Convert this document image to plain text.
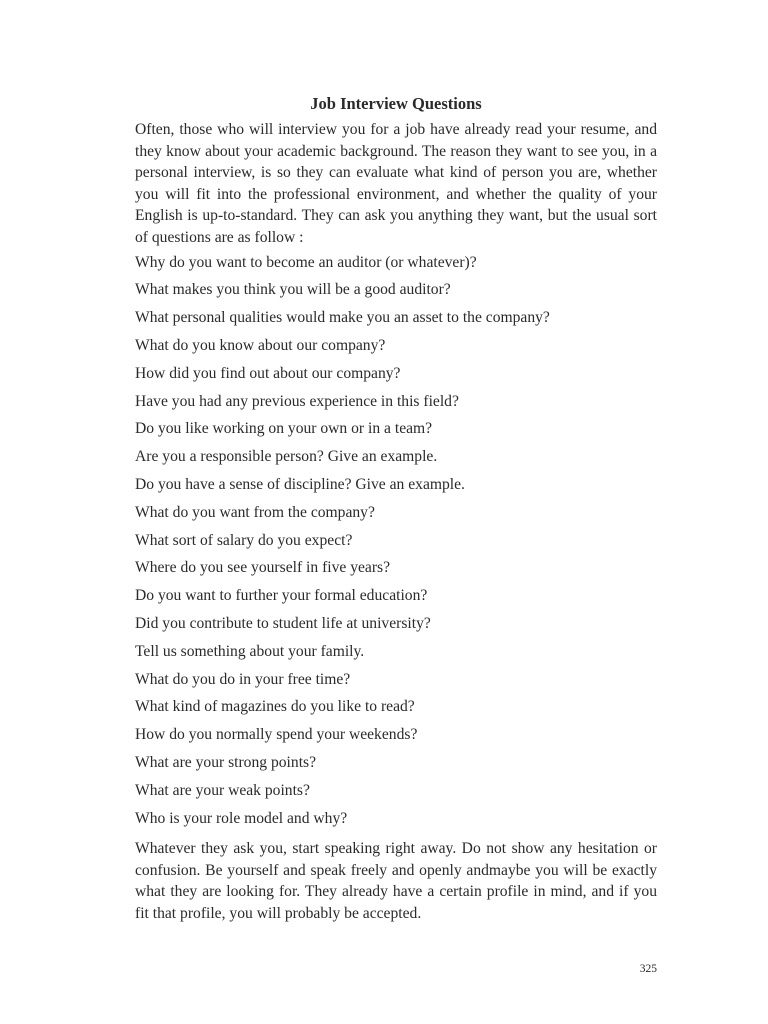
Job Interview Questions

Often, those who will interview you for a job have already read your resume, and they know about your academic background. The reason they want to see you, in a personal interview, is so they can evaluate what kind of person you are, whether you will fit into the professional environment, and whether the quality of your English is up-to-standard. They can ask you anything they want, but the usual sort of questions are as follow :

Why do you want to become an auditor (or whatever)?
What makes you think you will be a good auditor?
What personal qualities would make you an asset to the company?
What do you know about our company?
How did you find out about our company?
Have you had any previous experience in this field?
Do you like working on your own or in a team?
Are you a responsible person? Give an example.
Do you have a sense of discipline? Give an example.
What do you want from the company?
What sort of salary do you expect?
Where do you see yourself in five years?
Do you want to further your formal education?
Did you contribute to student life at university?
Tell us something about your family.
What do you do in your free time?
What kind of magazines do you like to read?
How do you normally spend your weekends?
What are your strong points?
What are your weak points?
Who is your role model and why?

Whatever they ask you, start speaking right away. Do not show any hesitation or confusion. Be yourself and speak freely and openly andmaybe you will be exactly what they are looking for. They already have a certain profile in mind, and if you fit that profile, you will probably be accepted.

325
